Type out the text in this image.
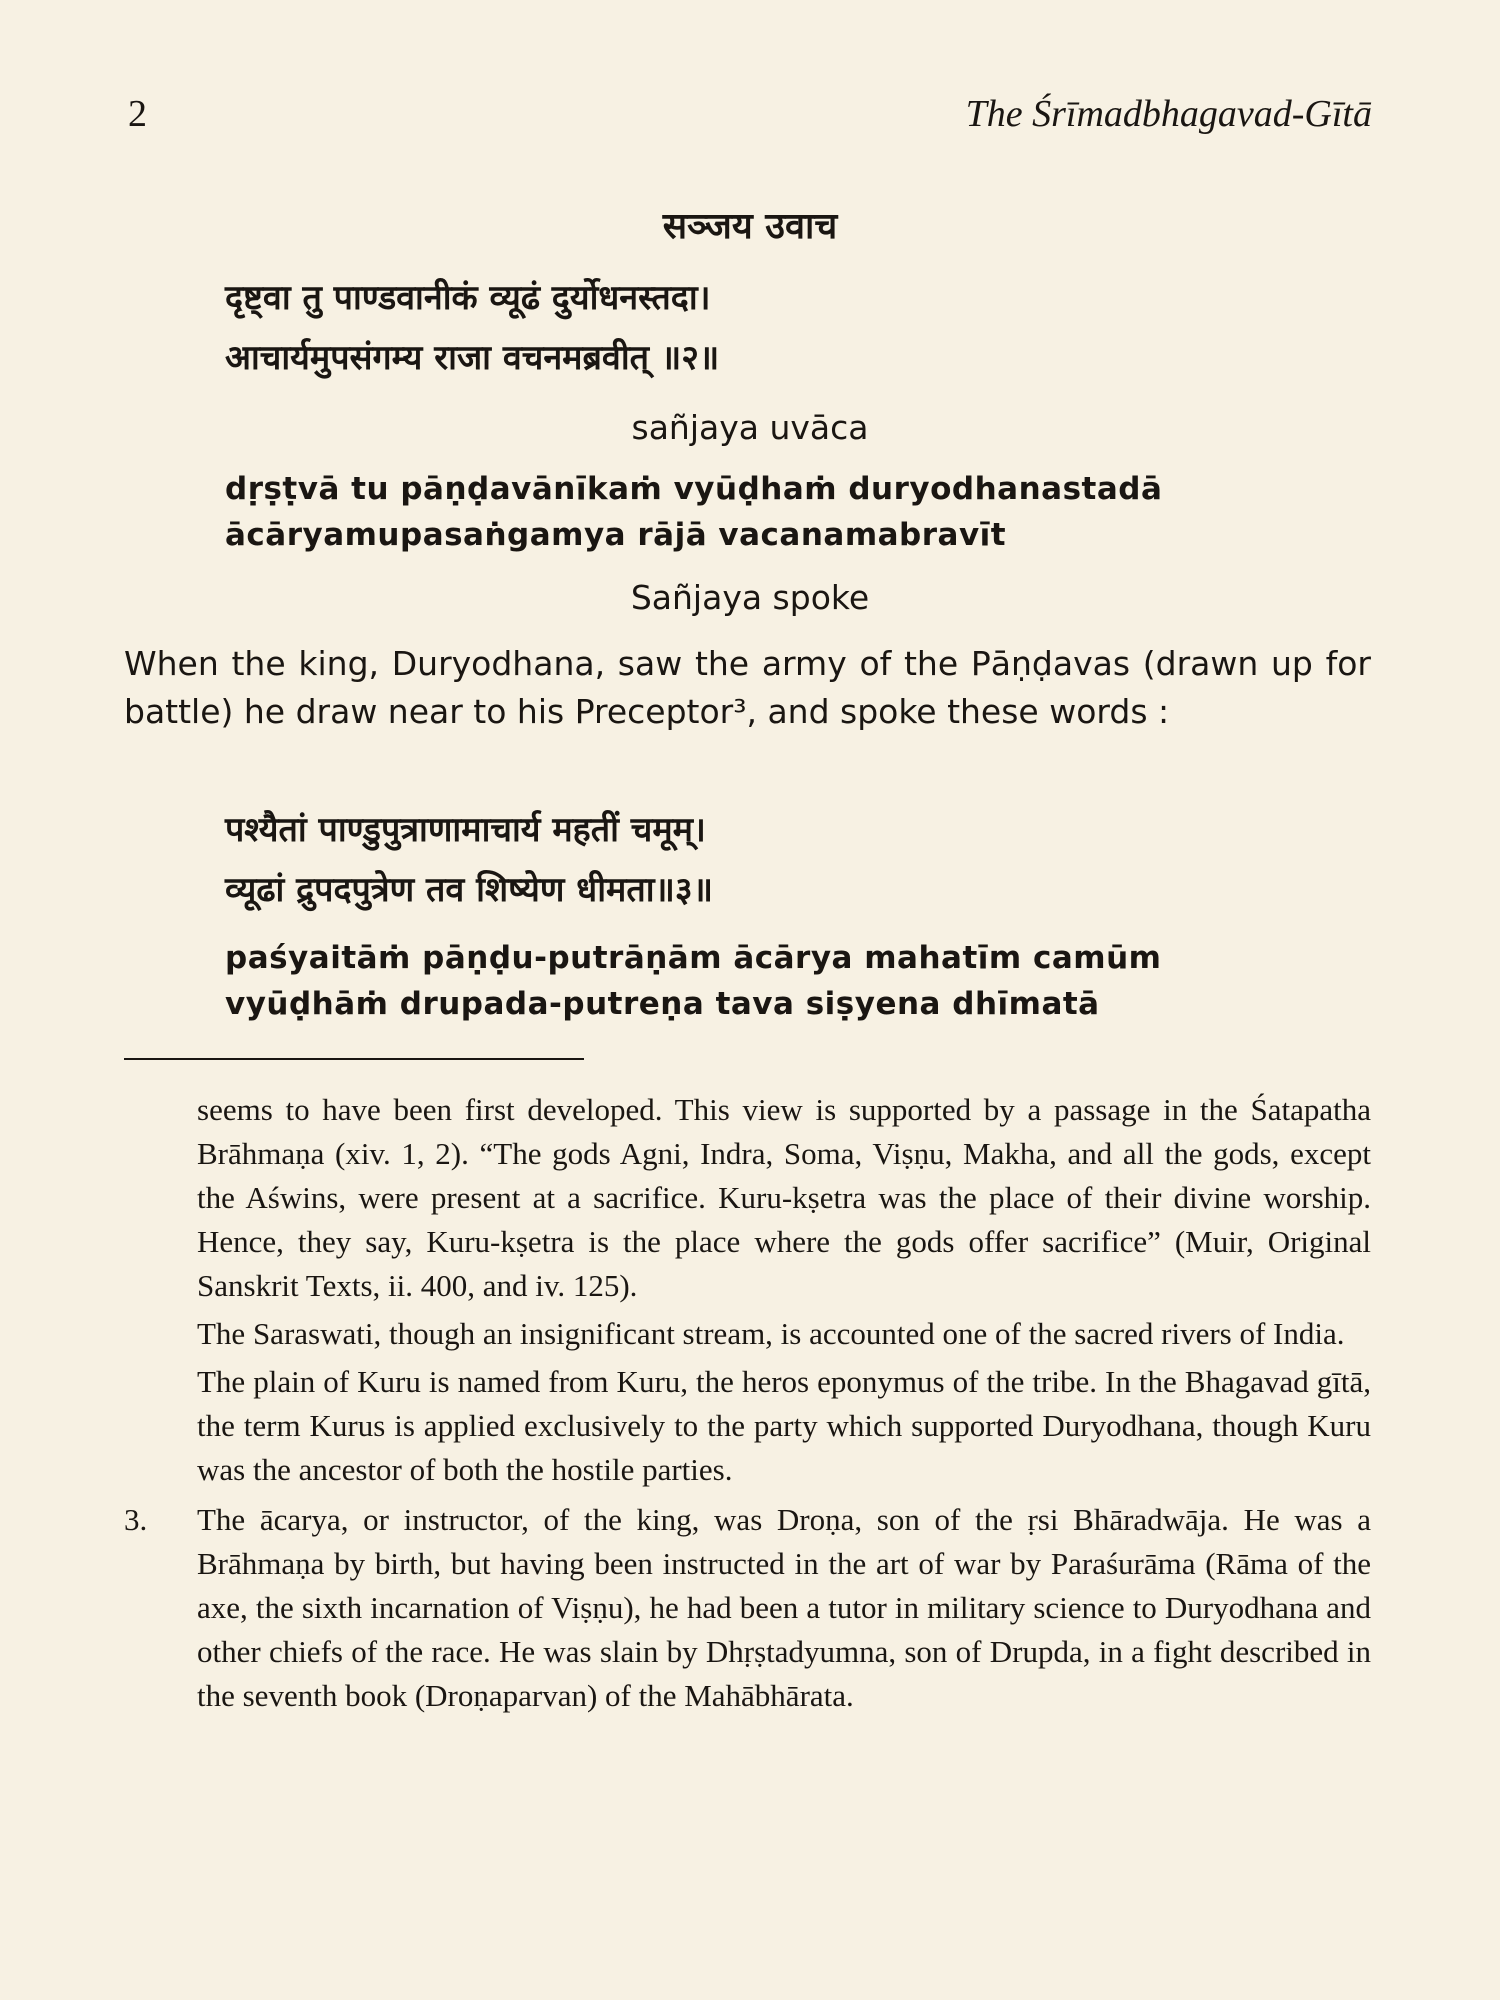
2	The Śrīmadbhagavad-Gītā
सञ्जय उवाच
दृष्ट्वा तु पाण्डवानीकं व्यूढं दुर्योधनस्तदा।
आचार्यमुपसंगम्य राजा वचनमब्रवीत् ॥२॥
sañjaya uvāca
dṛṣṭvā tu pāṇḍavānīkaṁ vyūḍhaṁ duryodhanastadā
ācāryamupasaṅgamya rājā vacanamabravīt
Sañjaya spoke
When the king, Duryodhana, saw the army of the Pāṇḍavas (drawn up for battle) he draw near to his Preceptor³, and spoke these words :
पश्यैतां पाण्डुपुत्राणामाचार्य महतीं चमूम्।
व्यूढां द्रुपदपुत्रेण तव शिष्येण धीमता॥३॥
paśyaitāṁ pāṇḍu-putrāṇām ācārya mahatīm camūm
vyūḍhāṁ drupada-putreṇa tava siṣyena dhīmatā
seems to have been first developed. This view is supported by a passage in the Śatapatha Brāhmaṇa (xiv. 1, 2). “The gods Agni, Indra, Soma, Viṣṇu, Makha, and all the gods, except the Aświns, were present at a sacrifice. Kuru-kṣetra was the place of their divine worship. Hence, they say, Kuru-kṣetra is the place where the gods offer sacrifice” (Muir, Original Sanskrit Texts, ii. 400, and iv. 125).
The Saraswati, though an insignificant stream, is accounted one of the sacred rivers of India.
The plain of Kuru is named from Kuru, the heros eponymus of the tribe. In the Bhagavad gītā, the term Kurus is applied exclusively to the party which supported Duryodhana, though Kuru was the ancestor of both the hostile parties.
3. The ācarya, or instructor, of the king, was Droṇa, son of the ṛsi Bhāradwāja. He was a Brāhmaṇa by birth, but having been instructed in the art of war by Paraśurāma (Rāma of the axe, the sixth incarnation of Viṣṇu), he had been a tutor in military science to Duryodhana and other chiefs of the race. He was slain by Dhṛṣtadyumna, son of Drupda, in a fight described in the seventh book (Droṇaparvan) of the Mahābhārata.
